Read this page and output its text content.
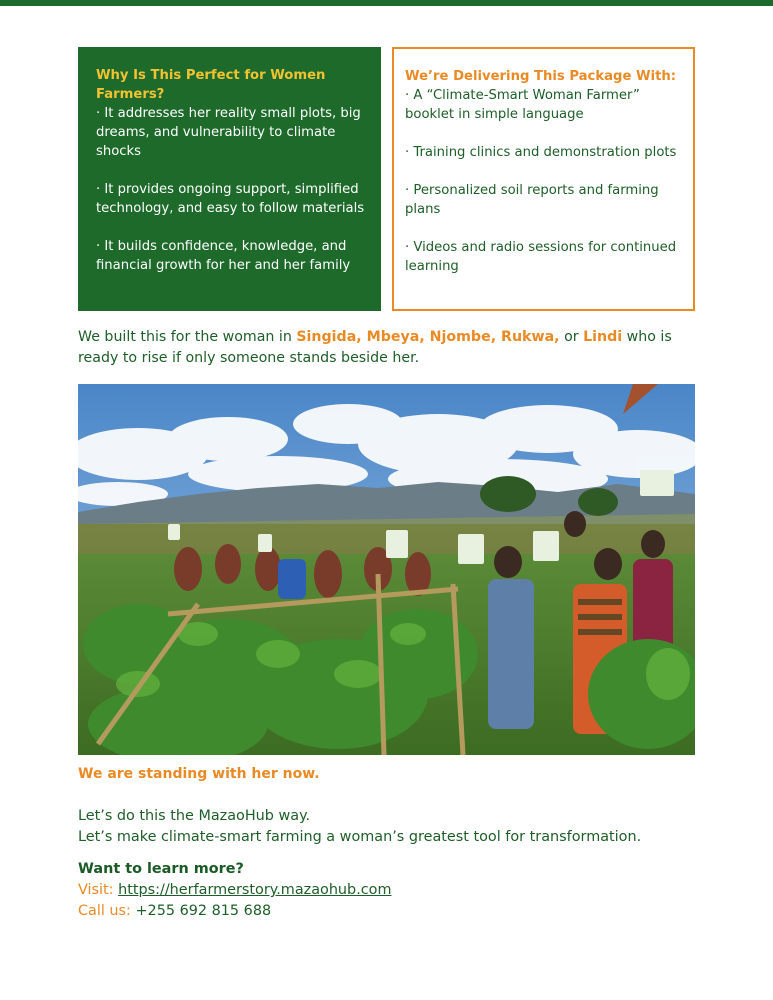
Why Is This Perfect for Women Farmers?
· It addresses her reality small plots, big dreams, and vulnerability to climate shocks
· It provides ongoing support, simplified technology, and easy to follow materials
· It builds confidence, knowledge, and financial growth for her and her family
We’re Delivering This Package With:
· A “Climate-Smart Woman Farmer” booklet in simple language
· Training clinics and demonstration plots
· Personalized soil reports and farming plans
· Videos and radio sessions for continued learning
We built this for the woman in Singida, Mbeya, Njombe, Rukwa, or Lindi who is ready to rise if only someone stands beside her.
We are standing with her now.
Let’s do this the MazaoHub way.
Let’s make climate-smart farming a woman’s greatest tool for transformation.
Want to learn more?
Visit: https://herfarmerstory.mazaohub.com
Call us: +255 692 815 688
